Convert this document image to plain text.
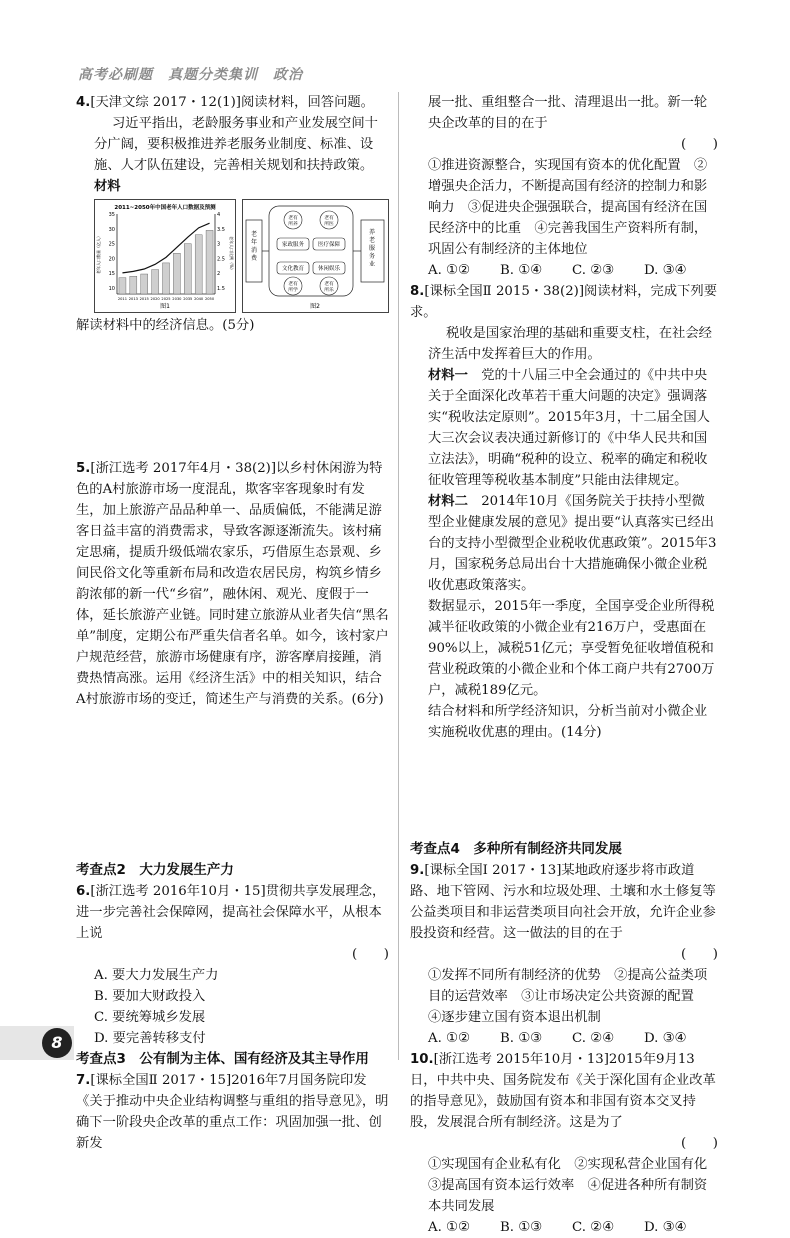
高考必刷题　真题分类集训　政治

4.[天津文综 2017・12(1)]阅读材料，回答问题。

习近平指出，老龄服务事业和产业发展空间十分广阔，要积极推进养老服务业制度、标准、设施、人才队伍建设，完善相关规划和扶持政策。

材料

2011~2050年中国老年人口数据及预测
35
30
25
20
15
10
4
3.5
3
2.5
2
1.5
2011 2013 2015 2020 2025 2030 2035 2040 2050
图1
老年人口数量（亿人）	老年人口比例（%）
老年消费
养老服务业
老有
所养
老有
所医
家政服务	医疗保障
文化教育	休闲娱乐
老有
所学
老有
所乐
图2

解读材料中的经济信息。(5分)

5.[浙江选考 2017年4月・38(2)]以乡村休闲游为特色的A村旅游市场一度混乱，欺客宰客现象时有发生，加上旅游产品品种单一、品质偏低，不能满足游客日益丰富的消费需求，导致客源逐渐流失。该村痛定思痛，提质升级低端农家乐，巧借原生态景观、乡间民俗文化等重新布局和改造农居民房，构筑乡情乡韵浓郁的新一代“乡宿”，融休闲、观光、度假于一体，延长旅游产业链。同时建立旅游从业者失信“黑名单”制度，定期公布严重失信者名单。如今，该村家户户规范经营，旅游市场健康有序，游客摩肩接踵，消费热情高涨。运用《经济生活》中的相关知识，结合A村旅游市场的变迁，简述生产与消费的关系。(6分)

考查点2　大力发展生产力

6.[浙江选考 2016年10月・15]贯彻共享发展理念，进一步完善社会保障网，提高社会保障水平，从根本上说

(　　)

A. 要大力发展生产力

B. 要加大财政投入

C. 要统筹城乡发展

D. 要完善转移支付

考查点3　公有制为主体、国有经济及其主导作用

7.[课标全国Ⅱ 2017・15]2016年7月国务院印发《关于推动中央企业结构调整与重组的指导意见》，明确下一阶段央企改革的重点工作：巩固加强一批、创新发

展一批、重组整合一批、清理退出一批。新一轮央企改革的目的在于

(　　)

①推进资源整合，实现国有资本的优化配置　②增强央企活力，不断提高国有经济的控制力和影响力　③促进央企强强联合，提高国有经济在国民经济中的比重　④完善我国生产资料所有制，巩固公有制经济的主体地位

A. ①② B. ①④ C. ②③ D. ③④

8.[课标全国Ⅱ 2015・38(2)]阅读材料，完成下列要求。

税收是国家治理的基础和重要支柱，在社会经济生活中发挥着巨大的作用。

材料一　 党的十八届三中全会通过的《中共中央关于全面深化改革若干重大问题的决定》强调落实“税收法定原则”。2015年3月，十二届全国人大三次会议表决通过新修订的《中华人民共和国立法法》，明确“税种的设立、税率的确定和税收征收管理等税收基本制度”只能由法律规定。

材料二　 2014年10月《国务院关于扶持小型微型企业健康发展的意见》提出要“认真落实已经出台的支持小型微型企业税收优惠政策”。2015年3月，国家税务总局出台十大措施确保小微企业税收优惠政策落实。

数据显示，2015年一季度，全国享受企业所得税减半征收政策的小微企业有216万户，受惠面在90%以上，减税51亿元；享受暂免征收增值税和营业税政策的小微企业和个体工商户共有2700万户，减税189亿元。

结合材料和所学经济知识，分析当前对小微企业实施税收优惠的理由。(14分)

考查点4　多种所有制经济共同发展

9.[课标全国Ⅰ 2017・13]某地政府逐步将市政道路、地下管网、污水和垃圾处理、土壤和水土修复等公益类项目和非运营类项目向社会开放，允许企业参股投资和经营。这一做法的目的在于

(　　)

①发挥不同所有制经济的优势　②提高公益类项目的运营效率　③让市场决定公共资源的配置　④逐步建立国有资本退出机制

A. ①② B. ①③ C. ②④ D. ③④

10.[浙江选考 2015年10月・13]2015年9月13日，中共中央、国务院发布《关于深化国有企业改革的指导意见》，鼓励国有资本和非国有资本交叉持股，发展混合所有制经济。这是为了

(　　)

①实现国有企业私有化　②实现私营企业国有化　③提高国有资本运行效率　④促进各种所有制资本共同发展

A. ①② B. ①③ C. ②④ D. ③④

8
